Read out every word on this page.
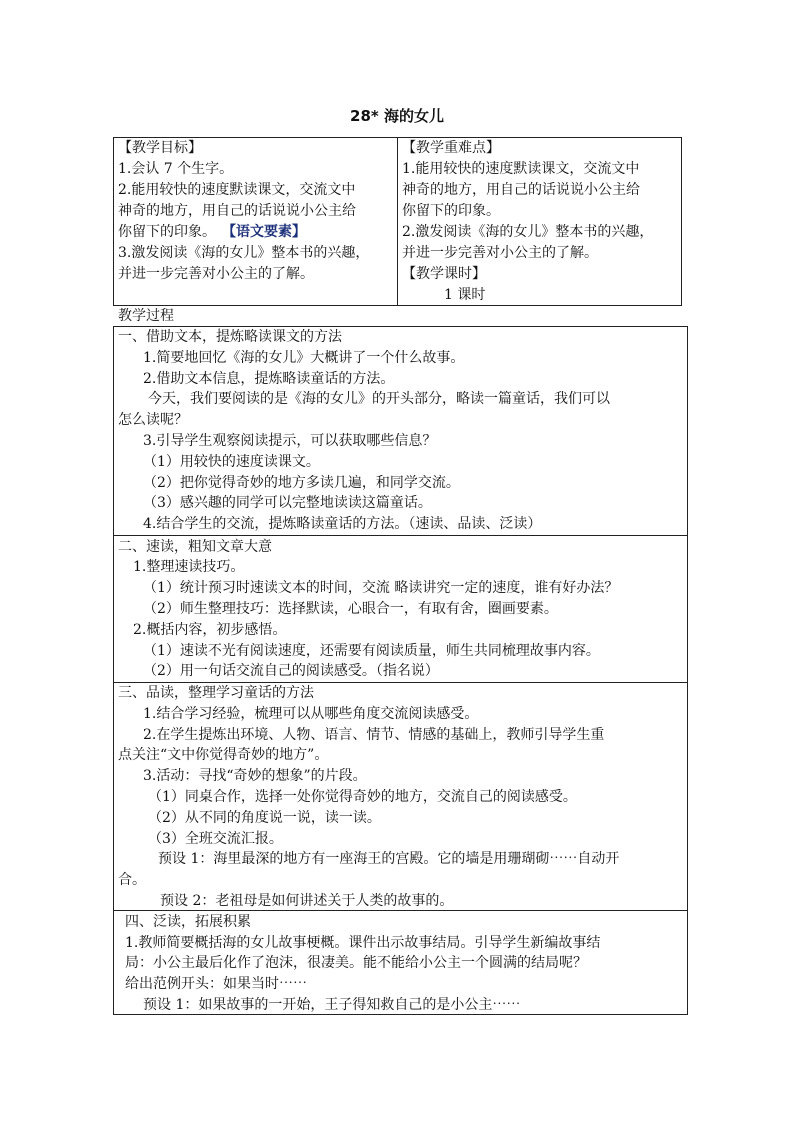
28* 海的女儿
【教学目标】
1.会认 7 个生字。
2.能用较快的速度默读课文，交流文中
神奇的地方，用自己的话说说小公主给
你留下的印象。 【语文要素】
3.激发阅读《海的女儿》整本书的兴趣，
并进一步完善对小公主的了解。
【教学重难点】
1.能用较快的速度默读课文，交流文中
神奇的地方，用自己的话说说小公主给
你留下的印象。
2.激发阅读《海的女儿》整本书的兴趣，
并进一步完善对小公主的了解。
【教学课时】
1 课时
教学过程
一、借助文本，提炼略读课文的方法
1.简要地回忆《海的女儿》大概讲了一个什么故事。
2.借助文本信息，提炼略读童话的方法。
今天，我们要阅读的是《海的女儿》的开头部分，略读一篇童话，我们可以
怎么读呢？
3.引导学生观察阅读提示，可以获取哪些信息？
（1）用较快的速度读课文。
（2）把你觉得奇妙的地方多读几遍，和同学交流。
（3）感兴趣的同学可以完整地读读这篇童话。
4.结合学生的交流，提炼略读童话的方法。（速读、品读、泛读）
二、速读，粗知文章大意
1.整理速读技巧。
（1）统计预习时速读文本的时间，交流 略读讲究一定的速度，谁有好办法？
（2）师生整理技巧：选择默读，心眼合一，有取有舍，圈画要素。
2.概括内容，初步感悟。
（1）速读不光有阅读速度，还需要有阅读质量，师生共同梳理故事内容。
（2）用一句话交流自己的阅读感受。（指名说）
三、品读，整理学习童话的方法
1.结合学习经验，梳理可以从哪些角度交流阅读感受。
2.在学生提炼出环境、人物、语言、情节、情感的基础上，教师引导学生重
点关注“文中你觉得奇妙的地方”。
3.活动：寻找“奇妙的想象”的片段。
（1）同桌合作，选择一处你觉得奇妙的地方，交流自己的阅读感受。
（2）从不同的角度说一说，读一读。
（3）全班交流汇报。
预设 1：海里最深的地方有一座海王的宫殿。它的墙是用珊瑚砌⋯⋯自动开
合。
预设 2：老祖母是如何讲述关于人类的故事的。
四、泛读，拓展积累
1.教师简要概括海的女儿故事梗概。课件出示故事结局。引导学生新编故事结
局：小公主最后化作了泡沫，很凄美。能不能给小公主一个圆满的结局呢？
给出范例开头：如果当时⋯⋯
预设 1：如果故事的一开始，王子得知救自己的是小公主⋯⋯
